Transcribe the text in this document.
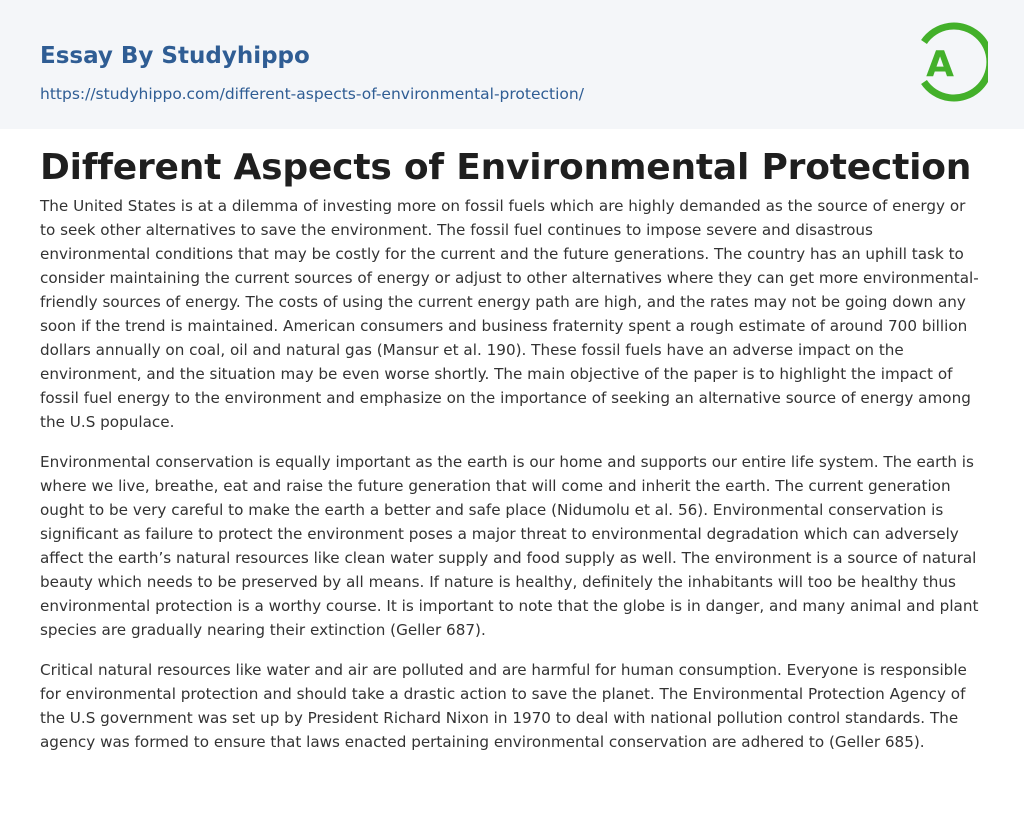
Essay By Studyhippo
https://studyhippo.com/different-aspects-of-environmental-protection/
A
Different Aspects of Environmental Protection

The United States is at a dilemma of investing more on fossil fuels which are highly demanded as the source of energy or to seek other alternatives to save the environment. The fossil fuel continues to impose severe and disastrous environmental conditions that may be costly for the current and the future generations. The country has an uphill task to consider maintaining the current sources of energy or adjust to other alternatives where they can get more environmental-friendly sources of energy. The costs of using the current energy path are high, and the rates may not be going down any soon if the trend is maintained. American consumers and business fraternity spent a rough estimate of around 700 billion dollars annually on coal, oil and natural gas (Mansur et al. 190). These fossil fuels have an adverse impact on the environment, and the situation may be even worse shortly. The main objective of the paper is to highlight the impact of fossil fuel energy to the environment and emphasize on the importance of seeking an alternative source of energy among the U.S populace.

Environmental conservation is equally important as the earth is our home and supports our entire life system. The earth is where we live, breathe, eat and raise the future generation that will come and inherit the earth. The current generation ought to be very careful to make the earth a better and safe place (Nidumolu et al. 56). Environmental conservation is significant as failure to protect the environment poses a major threat to environmental degradation which can adversely affect the earth’s natural resources like clean water supply and food supply as well. The environment is a source of natural beauty which needs to be preserved by all means. If nature is healthy, definitely the inhabitants will too be healthy thus environmental protection is a worthy course. It is important to note that the globe is in danger, and many animal and plant species are gradually nearing their extinction (Geller 687).

Critical natural resources like water and air are polluted and are harmful for human consumption. Everyone is responsible for environmental protection and should take a drastic action to save the planet. The Environmental Protection Agency of the U.S government was set up by President Richard Nixon in 1970 to deal with national pollution control standards. The agency was formed to ensure that laws enacted pertaining environmental conservation are adhered to (Geller 685).
